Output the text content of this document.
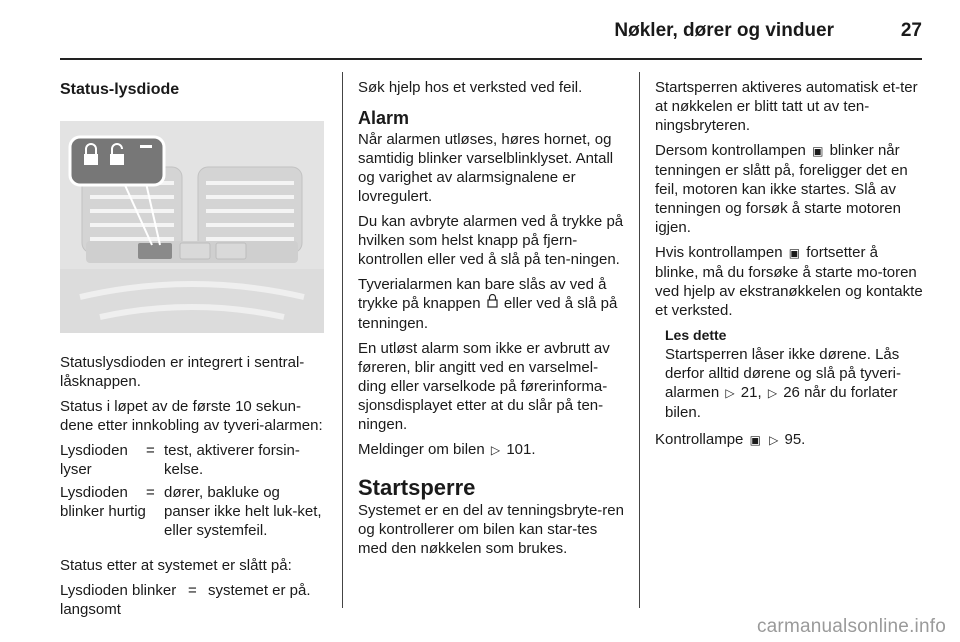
Nøkler, dører og vinduer	27
Status-lysdiode

Statuslysdioden er integrert i sentral-låsknappen.

Status i løpet av de første 10 sekun-dene etter innkobling av tyveri-alarmen:

Lysdioden lyser
= test, aktiverer forsin-kelse.
Lysdioden blinker hurtig
= dører, bakluke og panser ikke helt luk-ket, eller systemfeil.

Status etter at systemet er slått på:

Lysdioden blinker langsomt
= systemet er på.

Søk hjelp hos et verksted ved feil.

Alarm

Når alarmen utløses, høres hornet, og samtidig blinker varselblinklyset. Antall og varighet av alarmsignalene er lovregulert.

Du kan avbryte alarmen ved å trykke på hvilken som helst knapp på fjern-kontrollen eller ved å slå på ten-ningen.

Tyverialarmen kan bare slås av ved å trykke på knappen eller ved å slå på tenningen.

En utløst alarm som ikke er avbrutt av føreren, blir angitt ved en varselmel-ding eller varselkode på førerinforma-sjonsdisplayet etter at du slår på ten-ningen.

Meldinger om bilen ▷ 101.

Startsperre

Systemet er en del av tenningsbryte-ren og kontrollerer om bilen kan star-tes med den nøkkelen som brukes.

Startsperren aktiveres automatisk et-ter at nøkkelen er blitt tatt ut av ten-ningsbryteren.

Dersom kontrollampen ▣ blinker når tenningen er slått på, foreligger det en feil, motoren kan ikke startes. Slå av tenningen og forsøk å starte motoren igjen.

Hvis kontrollampen ▣ fortsetter å blinke, må du forsøke å starte mo-toren ved hjelp av ekstranøkkelen og kontakte et verksted.

Les dette
Startsperren låser ikke dørene. Lås derfor alltid dørene og slå på tyveri-alarmen ▷ 21, ▷ 26 når du forlater bilen.

Kontrollampe ▣ ▷ 95.

carmanualsonline.info
